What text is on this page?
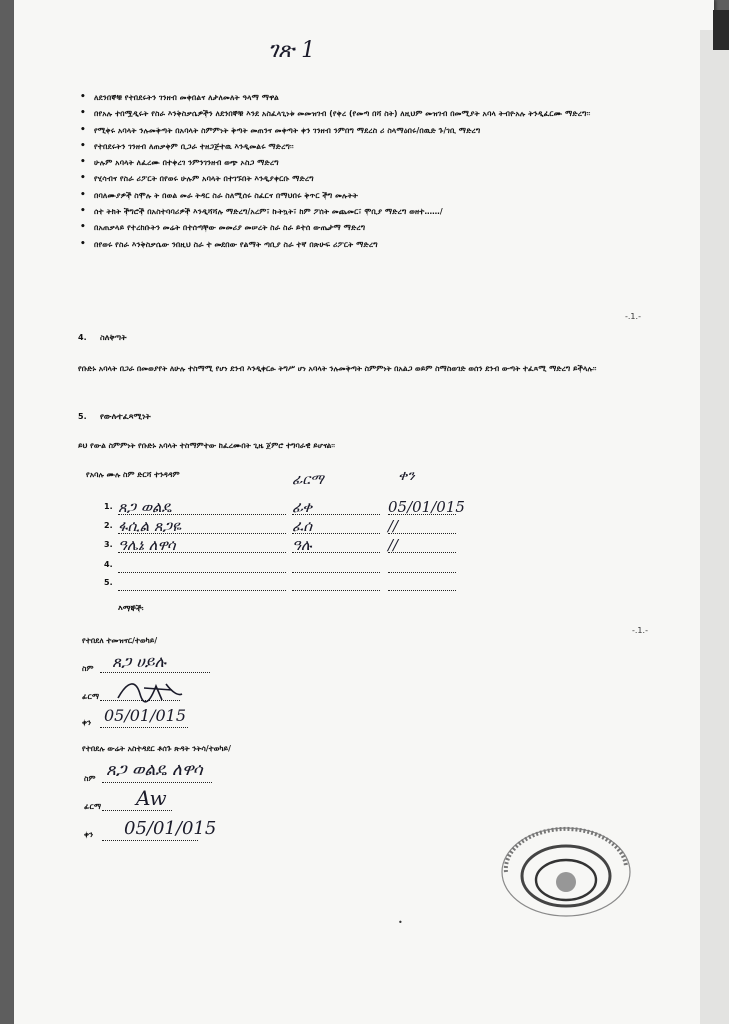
ገጽ 1
• ለደንበኞቹ የተበደሩትን ገንዘብ መቀበልና ለታለመለት ዓላማ ማዋል
• በየአሉ ተበሟዲሩት የስራ እንቅስቃሴዎችን ለደንበኞቹ እንደ አስፈላጊነቱ መመዝገብ (የቀረ (የመጣ በሻ ስት) ለዚህም መዝገብ በመሚያት አባላ ትብዮአሉ ትንዲፈርሙ ማድረግ፡፡
• የሚቀሩ አባላት ንሉመቅጣት በአባላት ስምምነት ቅጣት መጠንና መቀጣት ቀን ገንዘብ ንምበግ ማደረስ ሪ ስላማዕበሩ/በዉድ ጉ/ገቢ ማድረግ
• የተበደሩትን ገንዘብ ለጠቃቀም ቢጋራ ተዘጋጅተዉ እንዲመልሩ ማድረግ፡፡
• ሁሉም አባላት ለፈረሙ በተቀረገ ንምንገንዘብ ወጭ ኦስጋ ማድረግ
• የሂሳብና የስራ ሪፖርት በየወሩ ሁሉም አባላት በተገኙበት እንዲያቀርቡ ማድረግ
• በባለሙያዎች ስሞሉ ት በወል መራ ትዳር ስራ ስለሚሰሩ ስፈርና በማህበሩ ቅጥር ችግ መሉትት
• ሰተ ትክት ችግሮች በአስተባባሪዎች እንዲሻሻሉ ማድረግ/አረም፣ ኩትኳት፣ ከም ፖሰት መጨመር፣ ሞቢያ ማድረግ ወዘተ……/
• በአጠቃላይ የተረከቡትን መሬት በተሰጣቸው መመሪያ መሠረት ስራ ስራ ይተሰ ውጤታማ ማድረግ
• በየወሩ የስራ እንቅስቃሴው ንበዚህ ስራ ተ መደበው የልማት ጣቢያ ስራ ተኛ በጽሁፍ ሪፖርት ማድረግ
-.1.-
4. ስለቅጣት
የቡድኑ አባላት በጋራ በመወያየት ለሁሉ ተስማሚ የሆነ ደንብ እንዲቀርፁ ትግሥ ሆነ አባላት ንሉመቅጣት ስምምነት በአልጋ ወይም ስማስወገድ ወሰን ደንብ ውጣት ተፈጻሚ ማድረግ ይችላሉ፡፡
5. የውሉተፈጻሚነት
ይህ የውል ስምምነት የቡድኑ አባላት ተስማምተው ከፈረሙበት ጊዜ ጀምሮ ተግባራዊ ይሆናል፡፡
የአባሉ ሙሉ ስም ድርሻ ተንዳዳም	ፊርማ	ቀን
1. ጸጋ ወልዴ	ፊቀ	05/01/015
2. ፋሲል ጸጋዬ	ፈሰ	//
3. ዓሌኔ ለዋሳ	ዓሉ	//
4.
5.
እማኞች፡
-.1.-
የተበደለ ተመዝናር/ተወካይ/
ስም ጸጋ ሀይሉ
ፊርማ
ቀን 05/01/015
የተበደሉ ውሬት አስተዳደር ቶሰጉ ጽዳት ንትሳ/ተወካይ/
ስም ጸጋ ወልዴ ለዋሳ
ፊርማ Aw
ቀን 05/01/015
•
